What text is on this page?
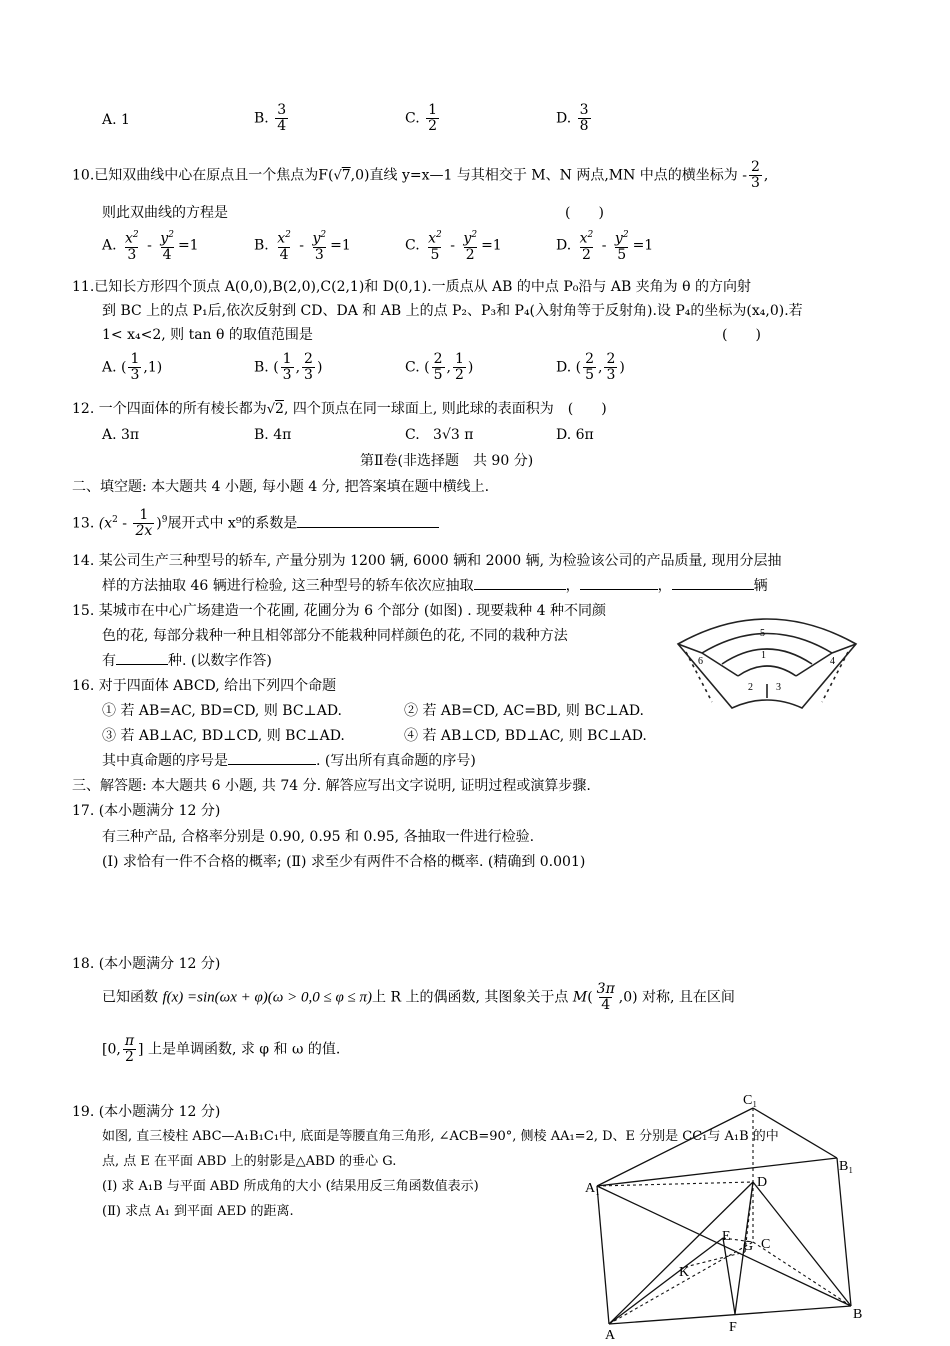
A. 1	B. $\frac{3}{4}$	C. $\frac{1}{2}$	D. $\frac{3}{8}$
10.已知双曲线中心在原点且一个焦点为F(√7,0)直线 y=x—1 与其相交于 M、N 两点,MN 中点的横坐标为 - $\frac{2}{3}$ ,
则此双曲线的方程是	(　　)
A. $\frac{x^2}{3} - \frac{y^2}{4} =1$	B. $\frac{x^2}{4} - \frac{y^2}{3} =1$	C. $\frac{x^2}{5} - \frac{y^2}{2} =1$	D. $\frac{x^2}{2} - \frac{y^2}{5} =1$
11.已知长方形四个顶点 A(0,0),B(2,0),C(2,1)和 D(0,1).一质点从 AB 的中点 P₀沿与 AB 夹角为 θ 的方向射
到 BC 上的点 P₁后,依次反射到 CD、DA 和 AB 上的点 P₂、P₃和 P₄(入射角等于反射角).设 P₄的坐标为(x₄,0).若
1< x₄<2, 则 tan θ 的取值范围是	(　　)
A. ( $\frac{1}{3} ,1$)	B. ( $\frac{1}{3}$ , $\frac{2}{3}$ )	C. ( $\frac{2}{5}$ , $\frac{1}{2}$ )	D. ( $\frac{2}{5}$ , $\frac{2}{3}$ )
12. 一个四面体的所有棱长都为√2, 四个顶点在同一球面上, 则此球的表面积为　(　　)
A. 3π	B. 4π	C. 3√3 π	D. 6π
第Ⅱ卷(非选择题　共 90 分)
二、填空题: 本大题共 4 小题, 每小题 4 分, 把答案填在题中横线上.
13. $(x^2 - \frac{1}{2x} )^9$展开式中 x⁹的系数是
14. 某公司生产三种型号的轿车, 产量分别为 1200 辆, 6000 辆和 2000 辆, 为检验该公司的产品质量, 现用分层抽
样的方法抽取 46 辆进行检验, 这三种型号的轿车依次应抽取	，	，	辆
15. 某城市在中心广场建造一个花圃, 花圃分为 6 个部分 (如图) . 现要栽种 4 种不同颜
色的花, 每部分栽种一种且相邻部分不能栽种同样颜色的花, 不同的栽种方法
有	种. (以数字作答)
5
1
6	4
2 3
16. 对于四面体 ABCD, 给出下列四个命题
① 若 AB=AC, BD=CD, 则 BC⊥AD.	② 若 AB=CD, AC=BD, 则 BC⊥AD.
③ 若 AB⊥AC, BD⊥CD, 则 BC⊥AD.	④ 若 AB⊥CD, BD⊥AC, 则 BC⊥AD.
其中真命题的序号是	. (写出所有真命题的序号)
三、解答题: 本大题共 6 小题, 共 74 分. 解答应写出文字说明, 证明过程或演算步骤.
17. (本小题满分 12 分)
有三种产品, 合格率分别是 0.90, 0.95 和 0.95, 各抽取一件进行检验.
(Ⅰ) 求恰有一件不合格的概率; (Ⅱ) 求至少有两件不合格的概率. (精确到 0.001)
18. (本小题满分 12 分)
已知函数 f(x) =sin(ωx + φ)(ω > 0,0 ≤ φ ≤ π)上 R 上的偶函数, 其图象关于点 $M( \frac{3\pi}{4} ,0)$ 对称, 且在区间
[0, $\frac{\pi}{2}$ ] 上是单调函数, 求 φ 和 ω 的值.
19. (本小题满分 12 分)
如图, 直三棱柱 ABC—A₁B₁C₁中, 底面是等腰直角三角形, ∠ACB=90°, 侧棱 AA₁=2, D、E 分别是 CC₁与 A₁B 的中
点, 点 E 在平面 ABD 上的射影是△ABD 的垂心 G.
(Ⅰ) 求 A₁B 与平面 ABD 所成角的大小 (结果用反三角函数值表示)
(Ⅱ) 求点 A₁ 到平面 AED 的距离.
C₁
B₁
A₁	D
E
G C
K
A
F
B
